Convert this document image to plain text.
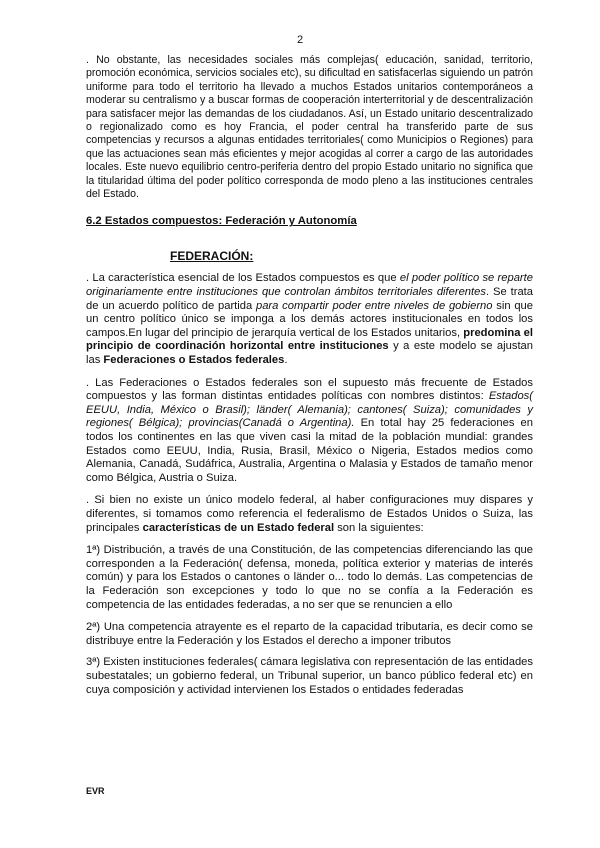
2

. No obstante, las necesidades sociales más complejas( educación, sanidad, territorio, promoción económica, servicios sociales etc), su dificultad en satisfacerlas siguiendo un patrón uniforme para todo el territorio ha llevado a muchos Estados unitarios contemporáneos a moderar su centralismo y a buscar formas de cooperación interterritorial y de descentralización para satisfacer mejor las demandas de los ciudadanos. Así, un Estado unitario descentralizado o regionalizado como es hoy Francia, el poder central ha transferido parte de sus competencias y recursos a algunas entidades territoriales( como Municipios o Regiones) para que las actuaciones sean más eficientes y mejor acogidas al correr a cargo de las autoridades locales. Este nuevo equilibrio centro-periferia dentro del propio Estado unitario no significa que la titularidad última del poder político corresponda de modo pleno a las instituciones centrales del Estado.

6.2 Estados compuestos: Federación y Autonomía
FEDERACIÓN:

. La característica esencial de los Estados compuestos es que el poder político se reparte originariamente entre instituciones que controlan ámbitos territoriales diferentes. Se trata de un acuerdo político de partida para compartir poder entre niveles de gobierno sin que un centro político único se imponga a los demás actores institucionales en todos los campos.En lugar del principio de jerarquía vertical de los Estados unitarios, predomina el principio de coordinación horizontal entre instituciones y a este modelo se ajustan las Federaciones o Estados federales.

. Las Federaciones o Estados federales son el supuesto más frecuente de Estados compuestos y las forman distintas entidades políticas con nombres distintos: Estados( EEUU, India, México o Brasil); länder( Alemania); cantones( Suiza); comunidades y regiones( Bélgica); provincias(Canadá o Argentina). En total hay 25 federaciones en todos los continentes en las que viven casi la mitad de la población mundial: grandes Estados como EEUU, India, Rusia, Brasil, México o Nigeria, Estados medios como Alemania, Canadá, Sudáfrica, Australia, Argentina o Malasia y Estados de tamaño menor como Bélgica, Austria o Suiza.

. Si bien no existe un único modelo federal, al haber configuraciones muy dispares y diferentes, si tomamos como referencia el federalismo de Estados Unidos o Suiza, las principales características de un Estado federal son la siguientes:

1ª) Distribución, a través de una Constitución, de las competencias diferenciando las que corresponden a la Federación( defensa, moneda, política exterior y materias de interés común) y para los Estados o cantones o länder o... todo lo demás. Las competencias de la Federación son excepciones y todo lo que no se confía a la Federación es competencia de las entidades federadas, a no ser que se renuncien a ello

2ª) Una competencia atrayente es el reparto de la capacidad tributaria, es decir como se distribuye entre la Federación y los Estados el derecho a imponer tributos

3ª) Existen instituciones federales( cámara legislativa con representación de las entidades subestatales; un gobierno federal, un Tribunal superior, un banco público federal etc) en cuya composición y actividad intervienen los Estados o entidades federadas

EVR
